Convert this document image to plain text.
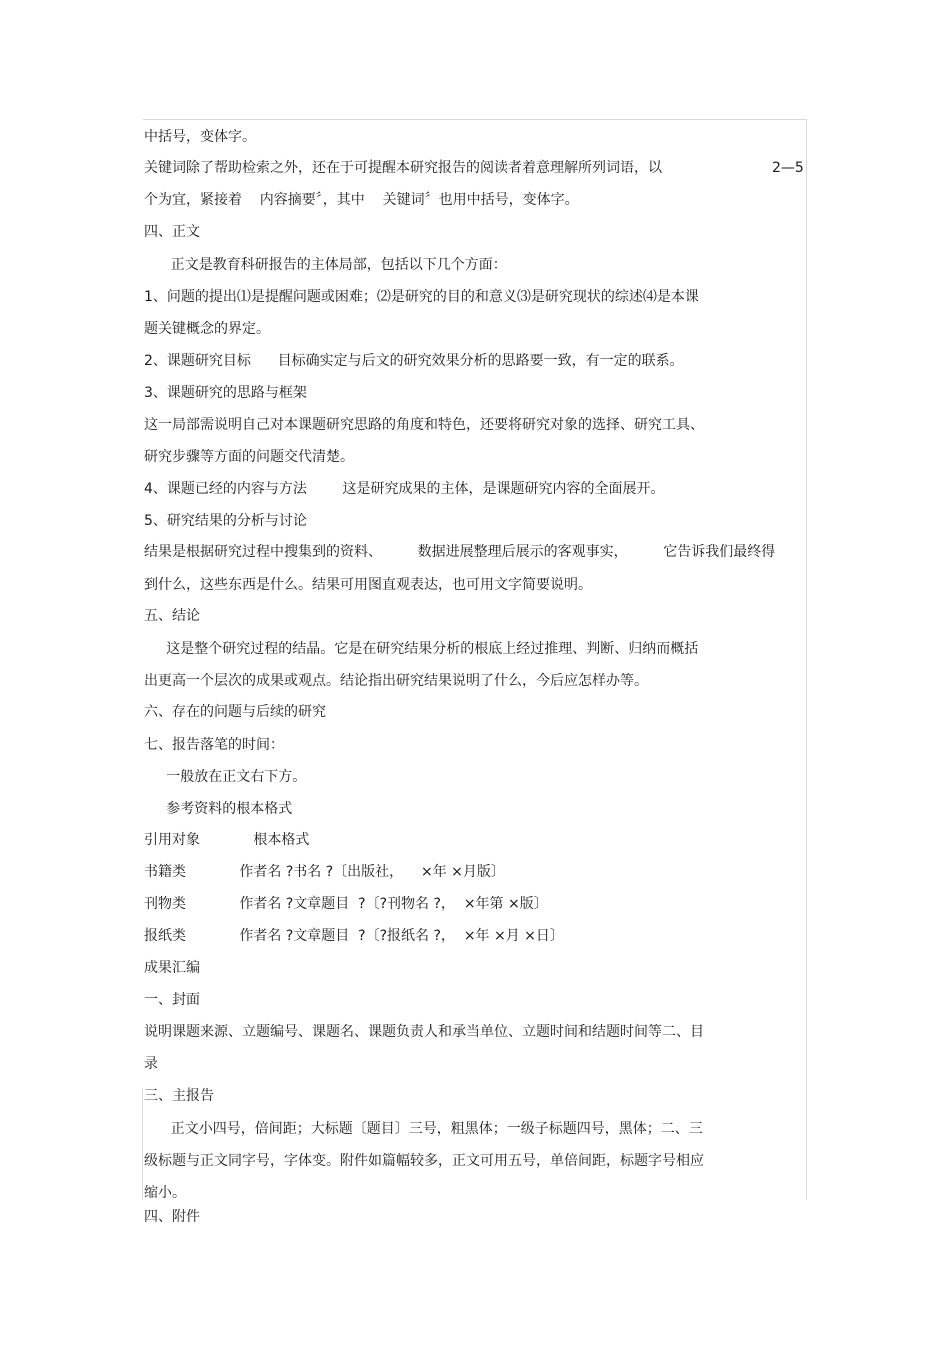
中括号，变体字。

关键词除了帮助检索之外，还在于可提醒本研究报告的阅读者着意理解所列词语，以

个为宜，紧接着    内容摘要〞，其中    关键词〞也用中括号，变体字。

四、正文

正文是教育科研报告的主体局部，包括以下几个方面：

1、问题的提出⑴是提醒问题或困难；⑵是研究的目的和意义⑶是研究现状的综述⑷是本课

题关键概念的界定。

2、课题研究目标      目标确实定与后文的研究效果分析的思路要一致，有一定的联系。

3、课题研究的思路与框架

这一局部需说明自己对本课题研究思路的角度和特色，还要将研究对象的选择、研究工具、

研究步骤等方面的问题交代清楚。

4、课题已经的内容与方法        这是研究成果的主体，是课题研究内容的全面展开。

5、研究结果的分析与讨论

结果是根据研究过程中搜集到的资料、        数据进展整理后展示的客观事实，        它告诉我们最终得

到什么，这些东西是什么。结果可用图直观表达，也可用文字简要说明。

五、结论

这是整个研究过程的结晶。它是在研究结果分析的根底上经过推理、判断、归纳而概括

出更高一个层次的成果或观点。结论指出研究结果说明了什么，今后应怎样办等。

六、存在的问题与后续的研究

七、报告落笔的时间：

一般放在正文右下方。

参考资料的根本格式

引用对象            根本格式

书籍类            作者名 ?书名 ?〔出版社，    ×年 ×月版〕

刊物类            作者名 ?文章题目  ?〔?刊物名 ?，  ×年第 ×版〕

报纸类            作者名 ?文章题目  ?〔?报纸名 ?，  ×年 ×月 ×日〕

成果汇编

一、封面

说明课题来源、立题编号、课题名、课题负责人和承当单位、立题时间和结题时间等二、目

录

三、主报告

正文小四号，倍间距；大标题〔题目〕三号，粗黑体；一级子标题四号，黑体；二、三

级标题与正文同字号，字体变。附件如篇幅较多，正文可用五号，单倍间距，标题字号相应

缩小。

四、附件

2—5
